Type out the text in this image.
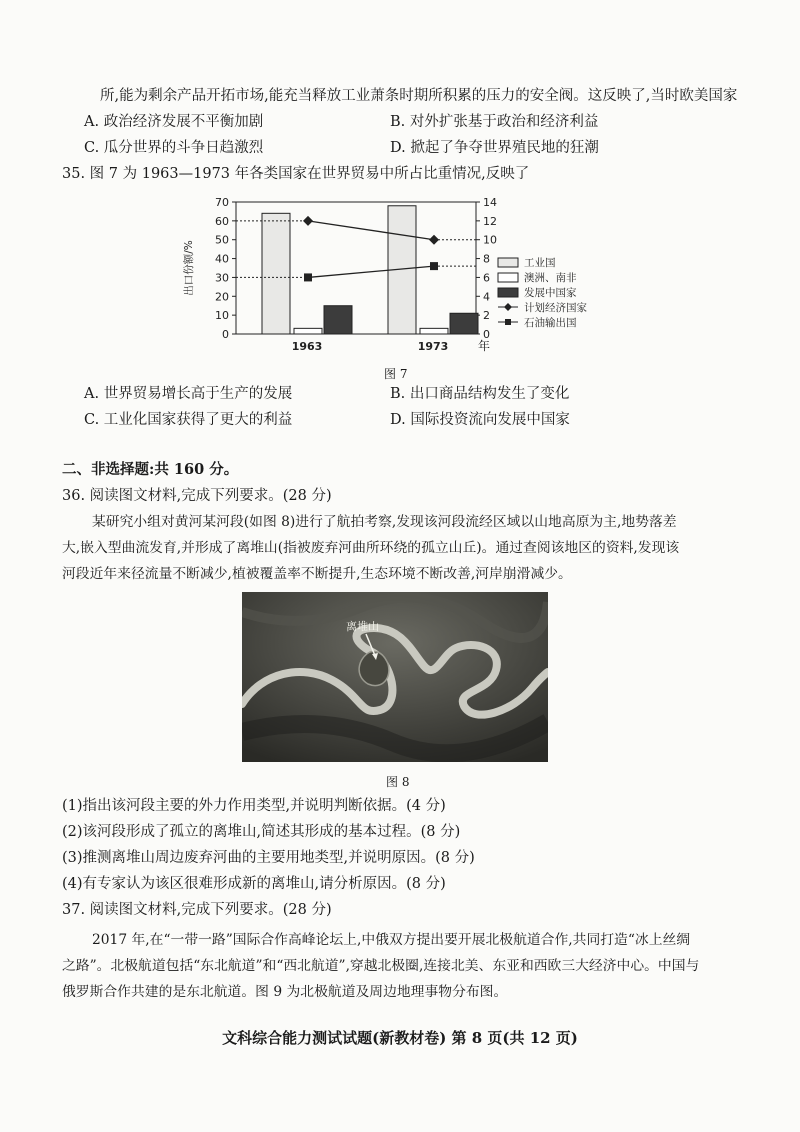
所,能为剩余产品开拓市场,能充当释放工业萧条时期所积累的压力的安全阀。这反映了,当时欧美国家
A. 政治经济发展不平衡加剧	B. 对外扩张基于政治和经济利益
C. 瓜分世界的斗争日趋激烈	D. 掀起了争夺世界殖民地的狂潮
35. 图 7 为 1963—1973 年各类国家在世界贸易中所占比重情况,反映了
0
10
20
30
40
50
60
70
0
2
4
6
8
10
12
14
出口份额/%
1963	1973 年
工业国
澳洲、南非
发展中国家
计划经济国家
石油输出国
图 7
A. 世界贸易增长高于生产的发展	B. 出口商品结构发生了变化
C. 工业化国家获得了更大的利益	D. 国际投资流向发展中国家
二、非选择题:共 160 分。
36. 阅读图文材料,完成下列要求。(28 分)
某研究小组对黄河某河段(如图 8)进行了航拍考察,发现该河段流经区域以山地高原为主,地势落差
大,嵌入型曲流发育,并形成了离堆山(指被废弃河曲所环绕的孤立山丘)。通过查阅该地区的资料,发现该
河段近年来径流量不断减少,植被覆盖率不断提升,生态环境不断改善,河岸崩滑减少。
离堆山
图 8
(1)指出该河段主要的外力作用类型,并说明判断依据。(4 分)
(2)该河段形成了孤立的离堆山,简述其形成的基本过程。(8 分)
(3)推测离堆山周边废弃河曲的主要用地类型,并说明原因。(8 分)
(4)有专家认为该区很难形成新的离堆山,请分析原因。(8 分)
37. 阅读图文材料,完成下列要求。(28 分)
2017 年,在“一带一路”国际合作高峰论坛上,中俄双方提出要开展北极航道合作,共同打造“冰上丝绸
之路”。北极航道包括“东北航道”和“西北航道”,穿越北极圈,连接北美、东亚和西欧三大经济中心。中国与
俄罗斯合作共建的是东北航道。图 9 为北极航道及周边地理事物分布图。
文科综合能力测试试题(新教材卷) 第 8 页(共 12 页)
